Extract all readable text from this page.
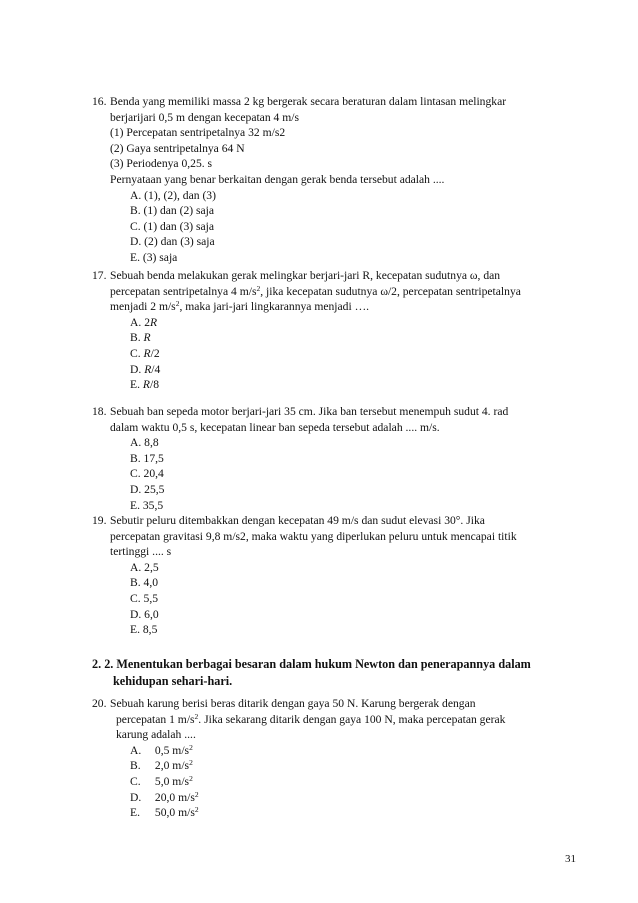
16. Benda yang memiliki massa 2 kg bergerak secara beraturan dalam lintasan melingkar
berjarijari 0,5 m dengan kecepatan 4 m/s
(1) Percepatan sentripetalnya 32 m/s2
(2) Gaya sentripetalnya 64 N
(3) Periodenya 0,25. s
Pernyataan yang benar berkaitan dengan gerak benda tersebut adalah ....
A. (1), (2), dan (3)
B. (1) dan (2) saja
C. (1) dan (3) saja
D. (2) dan (3) saja
E. (3) saja
17. Sebuah benda melakukan gerak melingkar berjari-jari R, kecepatan sudutnya ω, dan
percepatan sentripetalnya 4 $m/s^2$, jika kecepatan sudutnya ω/2, percepatan sentripetalnya
menjadi 2 $m/s^2$, maka jari-jari lingkarannya menjadi ….
A. 2R
B. R
C. R/2
D. R/4
E. R/8
18. Sebuah ban sepeda motor berjari-jari 35 cm. Jika ban tersebut menempuh sudut 4. rad
dalam waktu 0,5 s, kecepatan linear ban sepeda tersebut adalah .... m/s.
A. 8,8
B. 17,5
C. 20,4
D. 25,5
E. 35,5
19. Sebutir peluru ditembakkan dengan kecepatan 49 m/s dan sudut elevasi 30°. Jika
percepatan gravitasi 9,8 m/s2, maka waktu yang diperlukan peluru untuk mencapai titik
tertinggi .... s
A. 2,5
B. 4,0
C. 5,5
D. 6,0
E. 8,5
2. 2. Menentukan berbagai besaran dalam hukum Newton dan penerapannya dalam
kehidupan sehari-hari.
20. Sebuah karung berisi beras ditarik dengan gaya 50 N. Karung bergerak dengan
percepatan 1 $m/s^2$. Jika sekarang ditarik dengan gaya 100 N, maka percepatan gerak
karung adalah ....
A. 0,5 $m/s^2$
B. 2,0 $m/s^2$
C. 5,0 $m/s^2$
D. 20,0 $m/s^2$
E. 50,0 $m/s^2$
31
